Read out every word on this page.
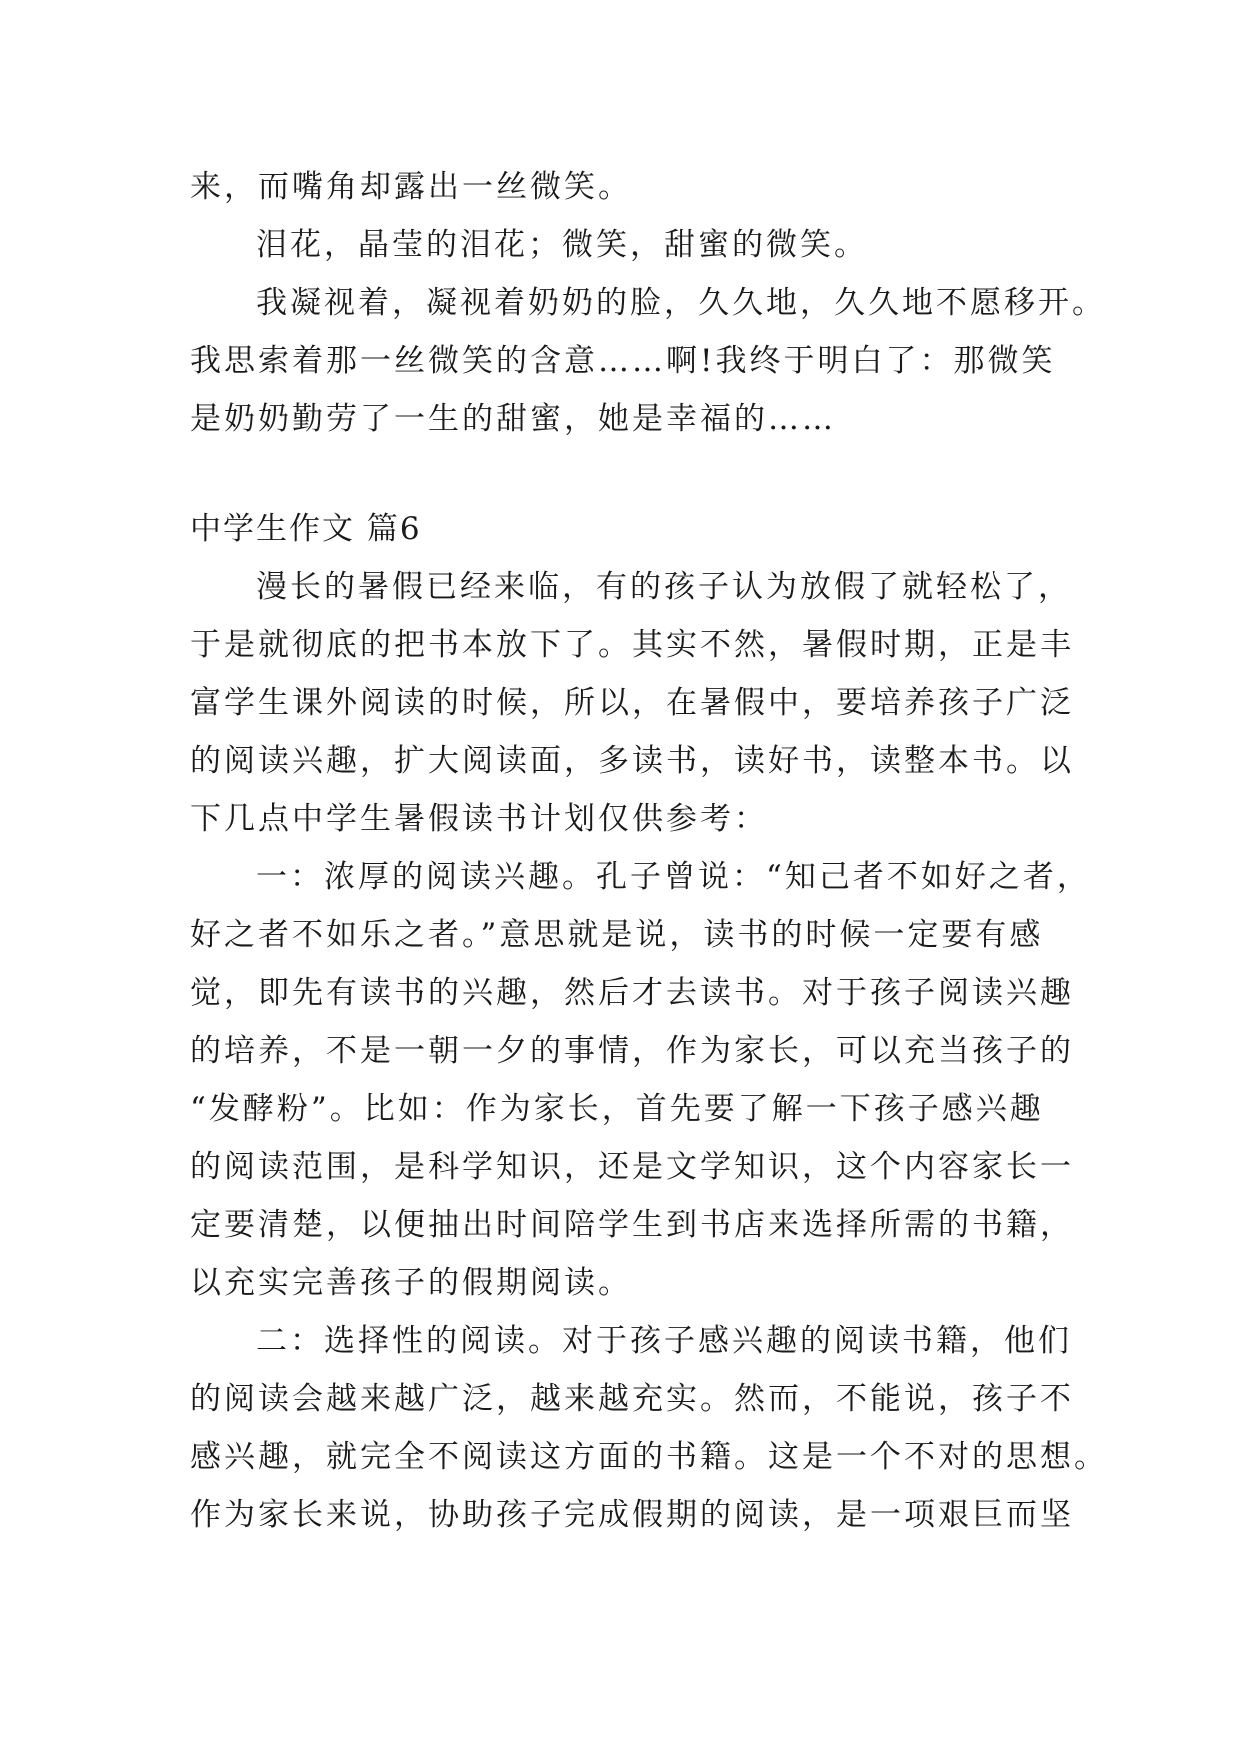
来，而嘴角却露出一丝微笑。
泪花，晶莹的泪花；微笑，甜蜜的微笑。
我凝视着，凝视着奶奶的脸，久久地，久久地不愿移开。
我思索着那一丝微笑的含意……啊!我终于明白了：那微笑
是奶奶勤劳了一生的甜蜜，她是幸福的……
中学生作文 篇6
漫长的暑假已经来临，有的孩子认为放假了就轻松了，
于是就彻底的把书本放下了。其实不然，暑假时期，正是丰
富学生课外阅读的时候，所以，在暑假中，要培养孩子广泛
的阅读兴趣，扩大阅读面，多读书，读好书，读整本书。以
下几点中学生暑假读书计划仅供参考：
一：浓厚的阅读兴趣。孔子曾说：“知己者不如好之者，
好之者不如乐之者。”意思就是说，读书的时候一定要有感
觉，即先有读书的兴趣，然后才去读书。对于孩子阅读兴趣
的培养，不是一朝一夕的事情，作为家长，可以充当孩子的
“发酵粉”。比如：作为家长，首先要了解一下孩子感兴趣
的阅读范围，是科学知识，还是文学知识，这个内容家长一
定要清楚，以便抽出时间陪学生到书店来选择所需的书籍，
以充实完善孩子的假期阅读。
二：选择性的阅读。对于孩子感兴趣的阅读书籍，他们
的阅读会越来越广泛，越来越充实。然而，不能说，孩子不
感兴趣，就完全不阅读这方面的书籍。这是一个不对的思想。
作为家长来说，协助孩子完成假期的阅读，是一项艰巨而坚
